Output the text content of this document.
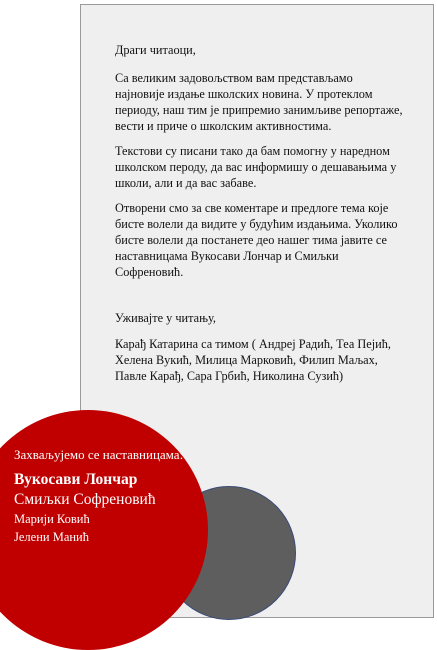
Драги читаоци,

Са великим задовољством вам представљамо најновије издање школских новина. У протеклом периоду, наш тим је припремио занимљиве репортаже, вести и приче о школским активностима.

Текстови су писани тако да бам помогну у наредном школском пероду, да вас информишу о дешавањима у школи, али и да вас забаве.

Отворени смо за све коментаре и предлоге тема које бисте волели да видите у будућим издањима. Уколико бисте волели да постанете део нашег тима јавите се наставницама Вукосави Лончар и Смиљки Софреновић.

Уживајте у читању,

Карађ Катарина са тимом ( Андреј Радић, Теа Пејић, Хелена Вукић, Милица Марковић, Филип Маљах, Павле Карађ, Сара Грбић, Николина Сузић)

Захваљујемо се наставницама:

Вукосави Лончар
Смиљки Софреновић
Марији Ковић
Јелени Манић
